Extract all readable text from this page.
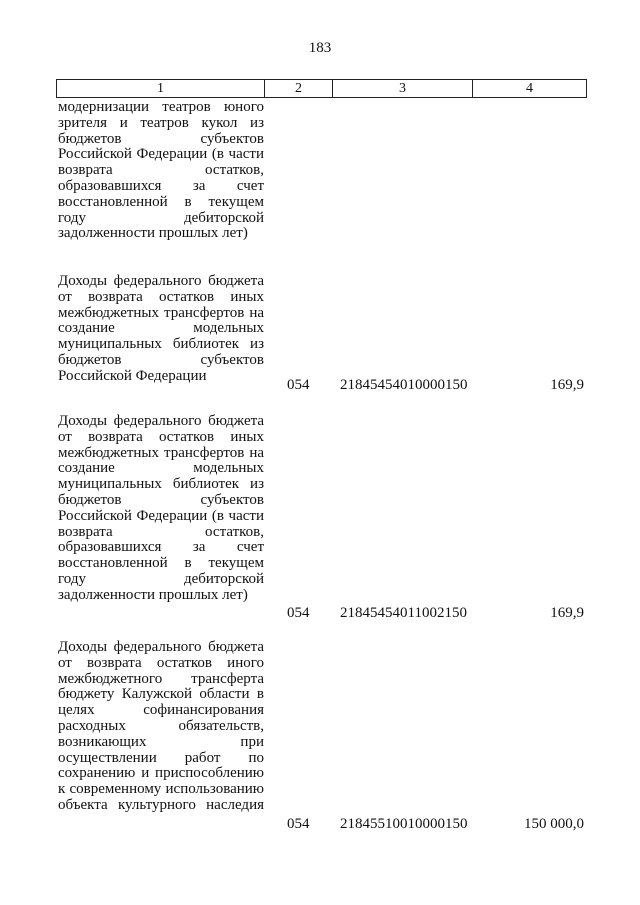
183
1	2	3	4
модернизации театров юного зрителя и театров кукол из бюджетов субъектов Российской Федерации (в части возврата остатков, образовавшихся за счет восстановленной в текущем году дебиторской
задолженности прошлых лет)
Доходы федерального бюджета от возврата остатков иных межбюджетных трансфертов на создание модельных муниципальных библиотек из бюджетов субъектов
Российской Федерации
054 21845454010000150	169,9
Доходы федерального бюджета от возврата остатков иных межбюджетных трансфертов на создание модельных муниципальных библиотек из бюджетов субъектов Российской Федерации (в части возврата остатков, образовавшихся за счет восстановленной в текущем году дебиторской
задолженности прошлых лет)
054 21845454011002150	169,9
Доходы федерального бюджета от возврата остатков иного межбюджетного трансферта бюджету Калужской области в целях софинансирования расходных обязательств, возникающих при осуществлении работ по сохранению и приспособлению к современному использованию объекта культурного наследия
054 21845510010000150	150 000,0
